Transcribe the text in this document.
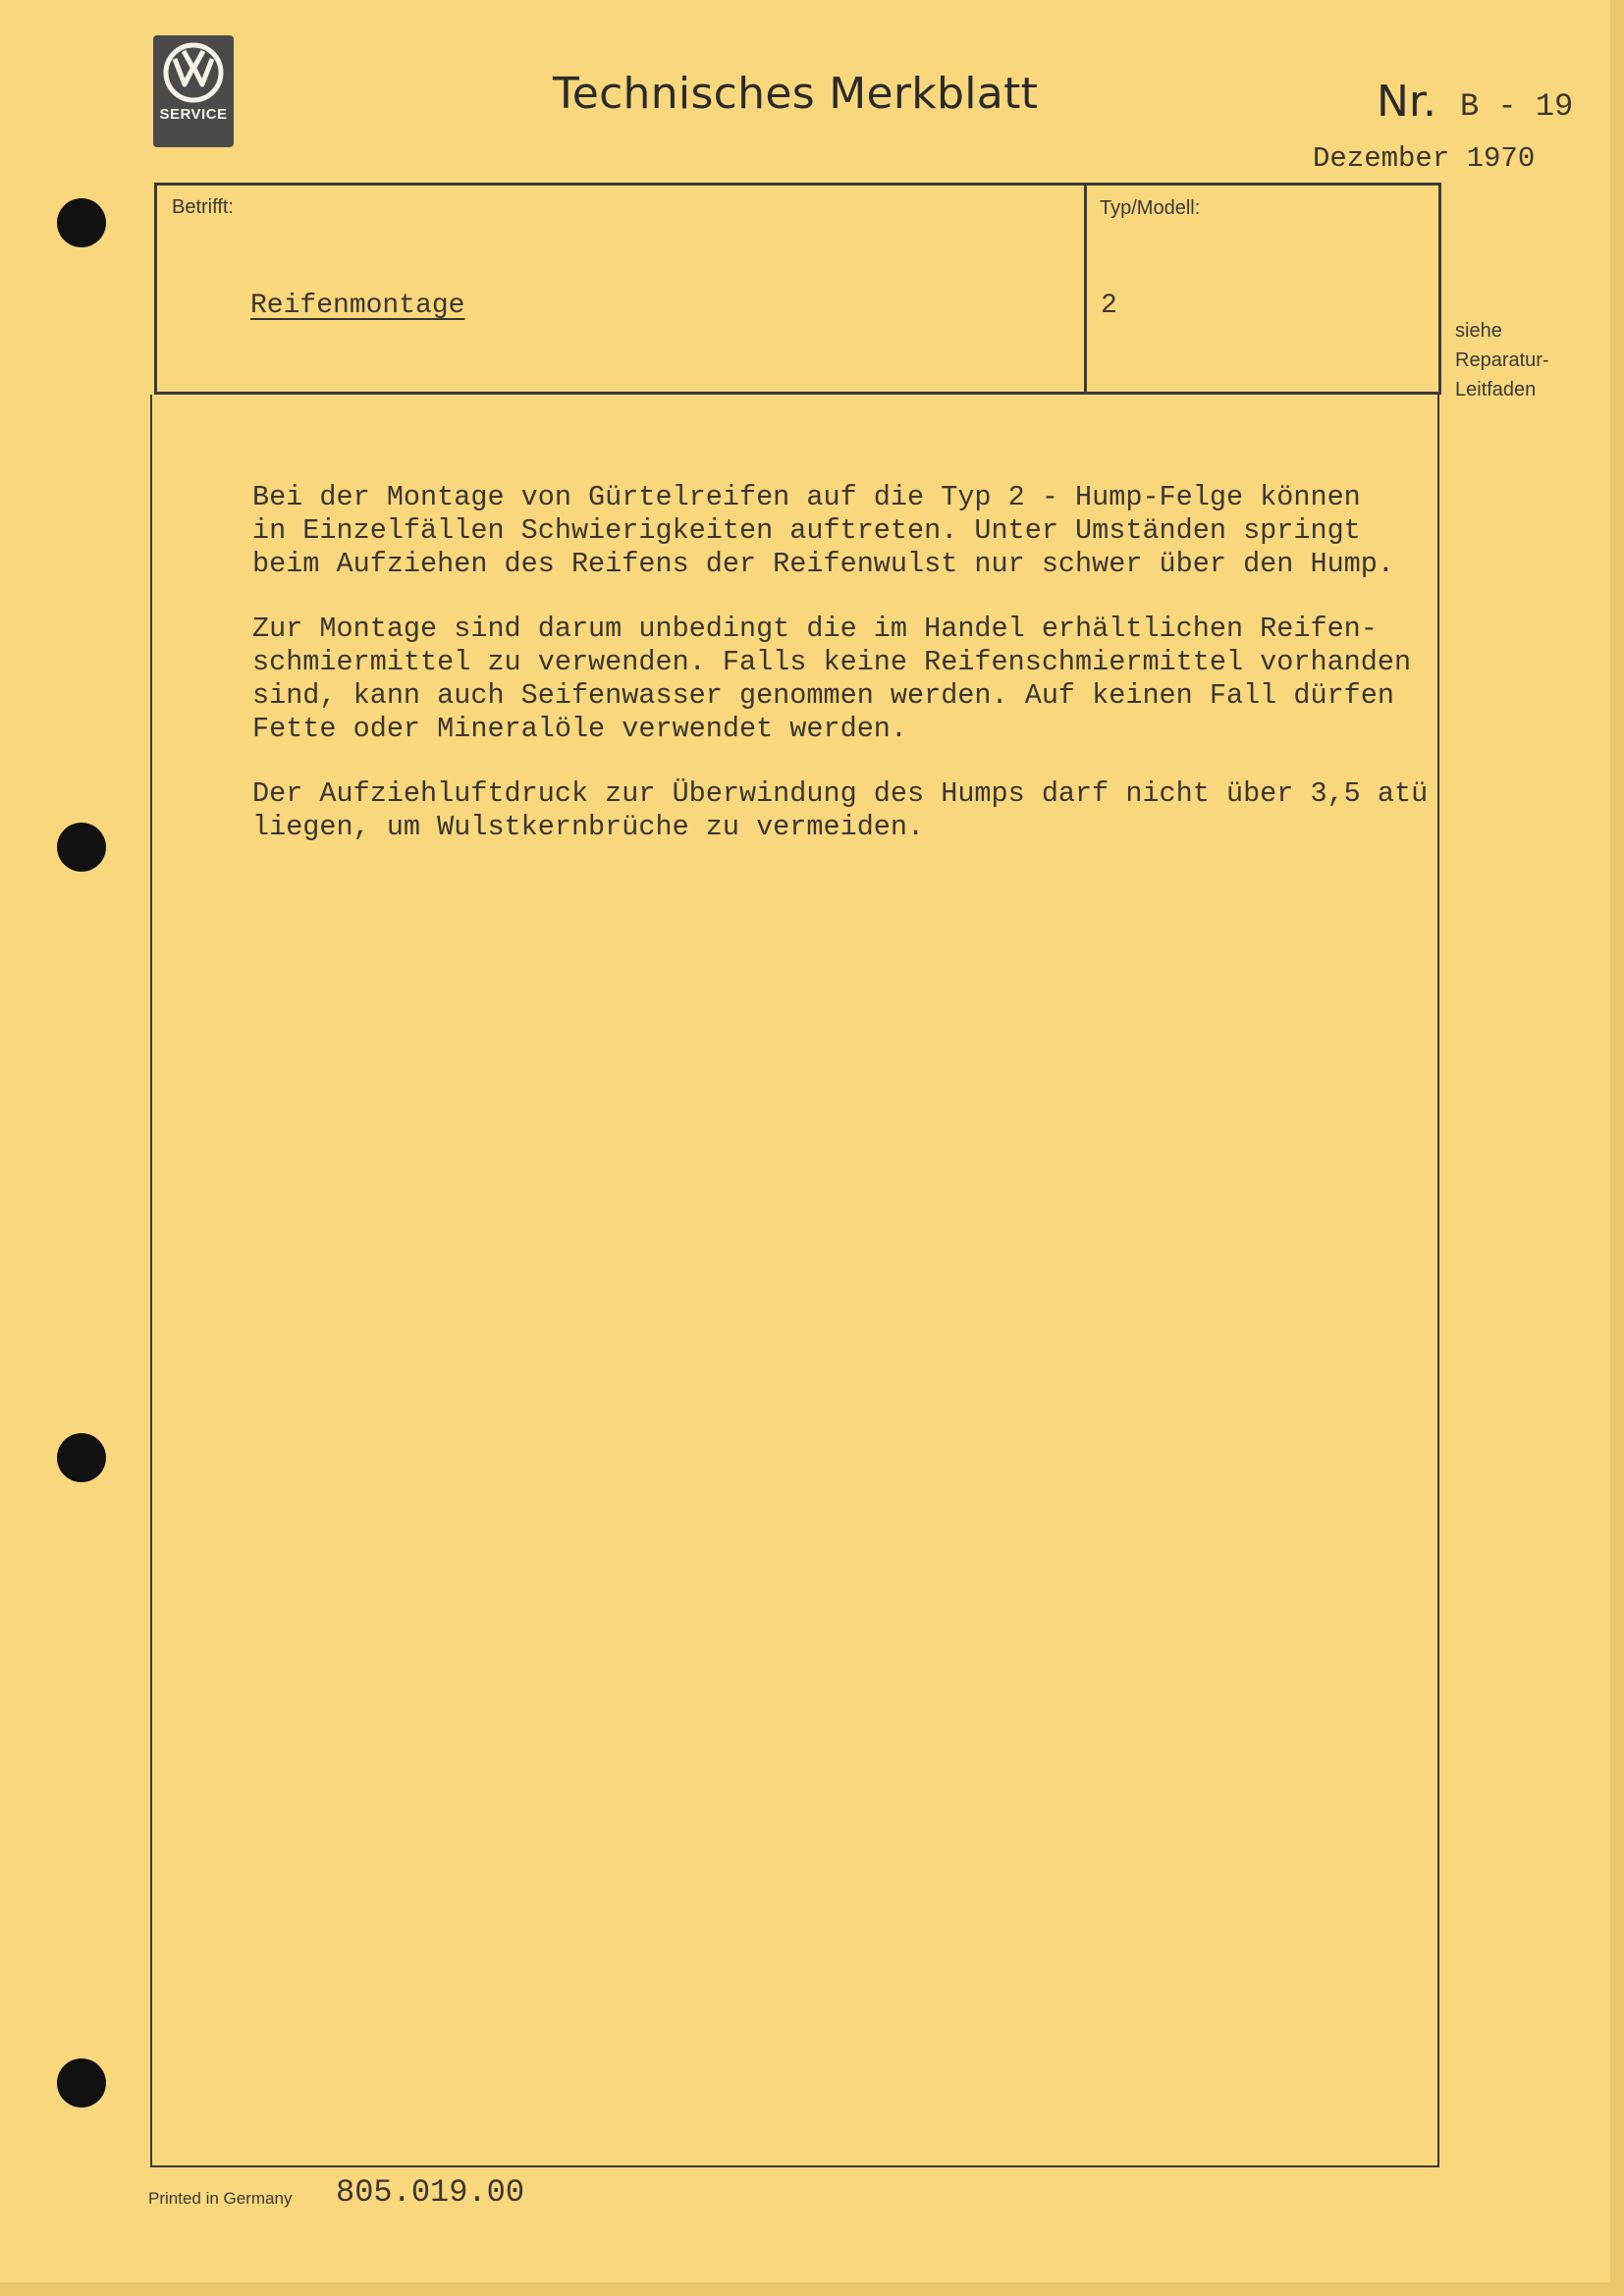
SERVICE	Technisches Merkblatt	Nr. B - 19
Dezember 1970
Betrifft:	Typ/Modell:
Reifenmontage	2
siehe
Reparatur-
Leitfaden
Bei der Montage von Gürtelreifen auf die Typ 2 - Hump-Felge können
in Einzelfällen Schwierigkeiten auftreten. Unter Umständen springt
beim Aufziehen des Reifens der Reifenwulst nur schwer über den Hump.
Zur Montage sind darum unbedingt die im Handel erhältlichen Reifen-
schmiermittel zu verwenden. Falls keine Reifenschmiermittel vorhanden
sind, kann auch Seifenwasser genommen werden. Auf keinen Fall dürfen
Fette oder Mineralöle verwendet werden.
Der Aufziehluftdruck zur Überwindung des Humps darf nicht über 3,5 atü
liegen, um Wulstkernbrüche zu vermeiden.
Printed in Germany 805.019.00
